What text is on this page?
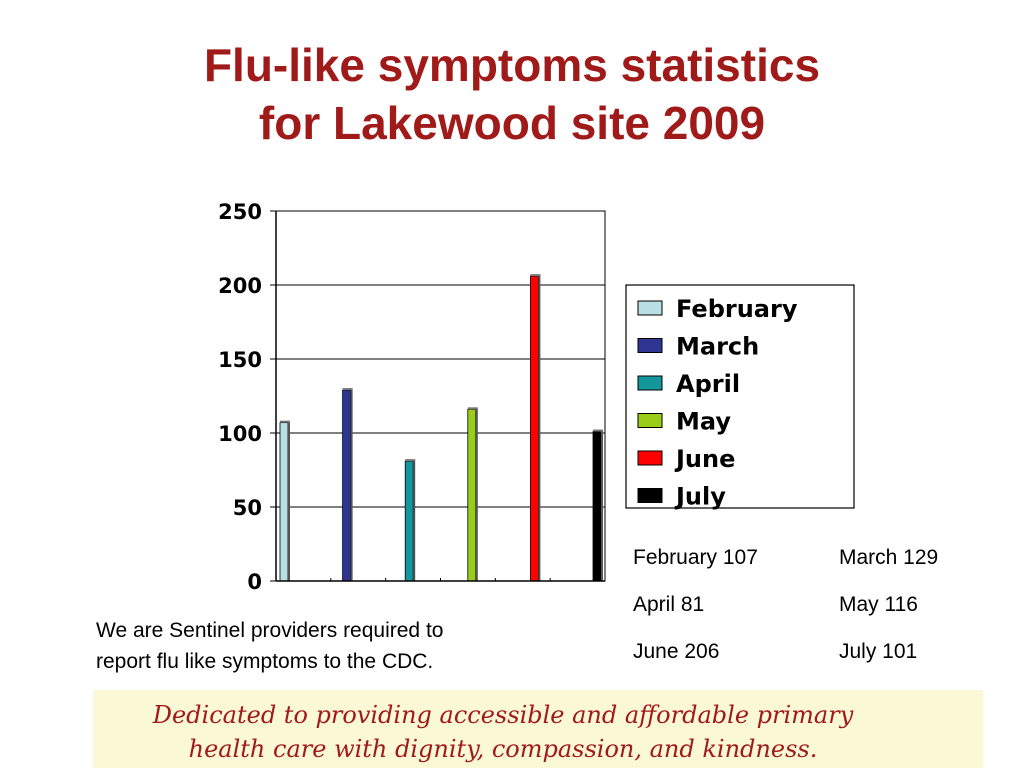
Flu-like symptoms statistics
for Lakewood site 2009
0
50
100
150
200
250
February
March
April
May
June
July
February 107	March 129
April 81	May 116
June 206	July 101
We are Sentinel providers required to
report flu like symptoms to the CDC.
Dedicated to providing accessible and affordable primary
health care with dignity, compassion, and kindness.
